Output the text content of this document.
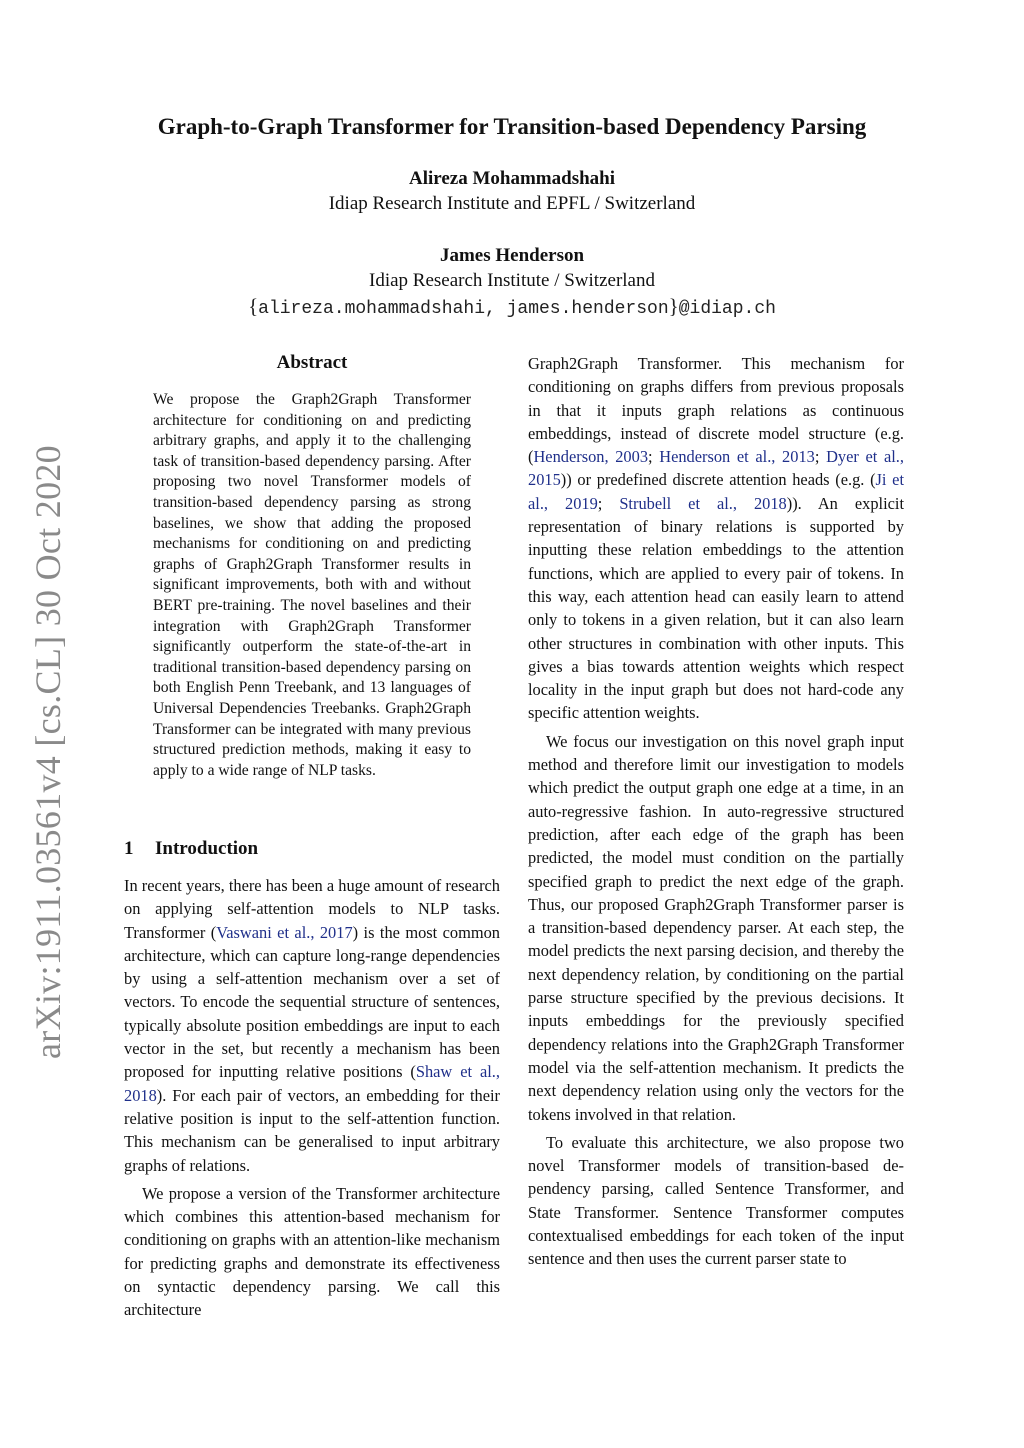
arXiv:1911.03561v4 [cs.CL] 30 Oct 2020
Graph-to-Graph Transformer for Transition-based Dependency Parsing
Alireza Mohammadshahi
Idiap Research Institute and EPFL / Switzerland
James Henderson
Idiap Research Institute / Switzerland
{alireza.mohammadshahi, james.henderson}@idiap.ch
Abstract
We propose the Graph2Graph Transformer architecture for conditioning on and predicting arbitrary graphs, and apply it to the challenging task of transition-based dependency parsing. After proposing two novel Transformer models of transition-based dependency parsing as strong baselines, we show that adding the proposed mechanisms for conditioning on and predicting graphs of Graph2Graph Transformer results in significant improvements, both with and without BERT pre-training. The novel baselines and their integration with Graph2Graph Transformer significantly outperform the state-of-the-art in traditional transition-based dependency parsing on both English Penn Treebank, and 13 languages of Universal Dependencies Treebanks. Graph2Graph Transformer can be integrated with many previous structured prediction methods, making it easy to apply to a wide range of NLP tasks.
1 Introduction

In recent years, there has been a huge amount of research on applying self-attention models to NLP tasks. Transformer (Vaswani et al., 2017) is the most common architecture, which can capture long-range dependencies by using a self-attention mechanism over a set of vectors. To encode the sequential structure of sentences, typically absolute position embeddings are input to each vector in the set, but recently a mechanism has been proposed for inputting relative positions (Shaw et al., 2018). For each pair of vectors, an embedding for their relative position is input to the self-attention function. This mechanism can be generalised to input arbitrary graphs of relations.

We propose a version of the Transformer architecture which combines this attention-based mechanism for conditioning on graphs with an attention-like mechanism for predicting graphs and demonstrate its effectiveness on syntactic dependency parsing. We call this architecture

Graph2Graph Transformer. This mechanism for conditioning on graphs differs from previous proposals in that it inputs graph relations as continuous embeddings, instead of discrete model structure (e.g. (Henderson, 2003; Henderson et al., 2013; Dyer et al., 2015)) or predefined discrete attention heads (e.g. (Ji et al., 2019; Strubell et al., 2018)). An explicit representation of binary relations is supported by inputting these relation embeddings to the attention functions, which are applied to every pair of tokens. In this way, each attention head can easily learn to attend only to tokens in a given relation, but it can also learn other structures in combination with other inputs. This gives a bias towards attention weights which respect locality in the input graph but does not hard-code any specific attention weights.

We focus our investigation on this novel graph input method and therefore limit our investigation to models which predict the output graph one edge at a time, in an auto-regressive fashion. In auto-regressive structured prediction, after each edge of the graph has been predicted, the model must condition on the partially specified graph to predict the next edge of the graph. Thus, our proposed Graph2Graph Transformer parser is a transition-based dependency parser. At each step, the model predicts the next parsing decision, and thereby the next dependency relation, by conditioning on the partial parse structure specified by the previous decisions. It inputs embeddings for the previously specified dependency relations into the Graph2Graph Transformer model via the self-attention mechanism. It predicts the next dependency relation using only the vectors for the tokens involved in that relation.

To evaluate this architecture, we also propose two novel Transformer models of transition-based dependency parsing, called Sentence Transformer, and State Transformer. Sentence Transformer computes contextualised embeddings for each token of the input sentence and then uses the current parser state to
